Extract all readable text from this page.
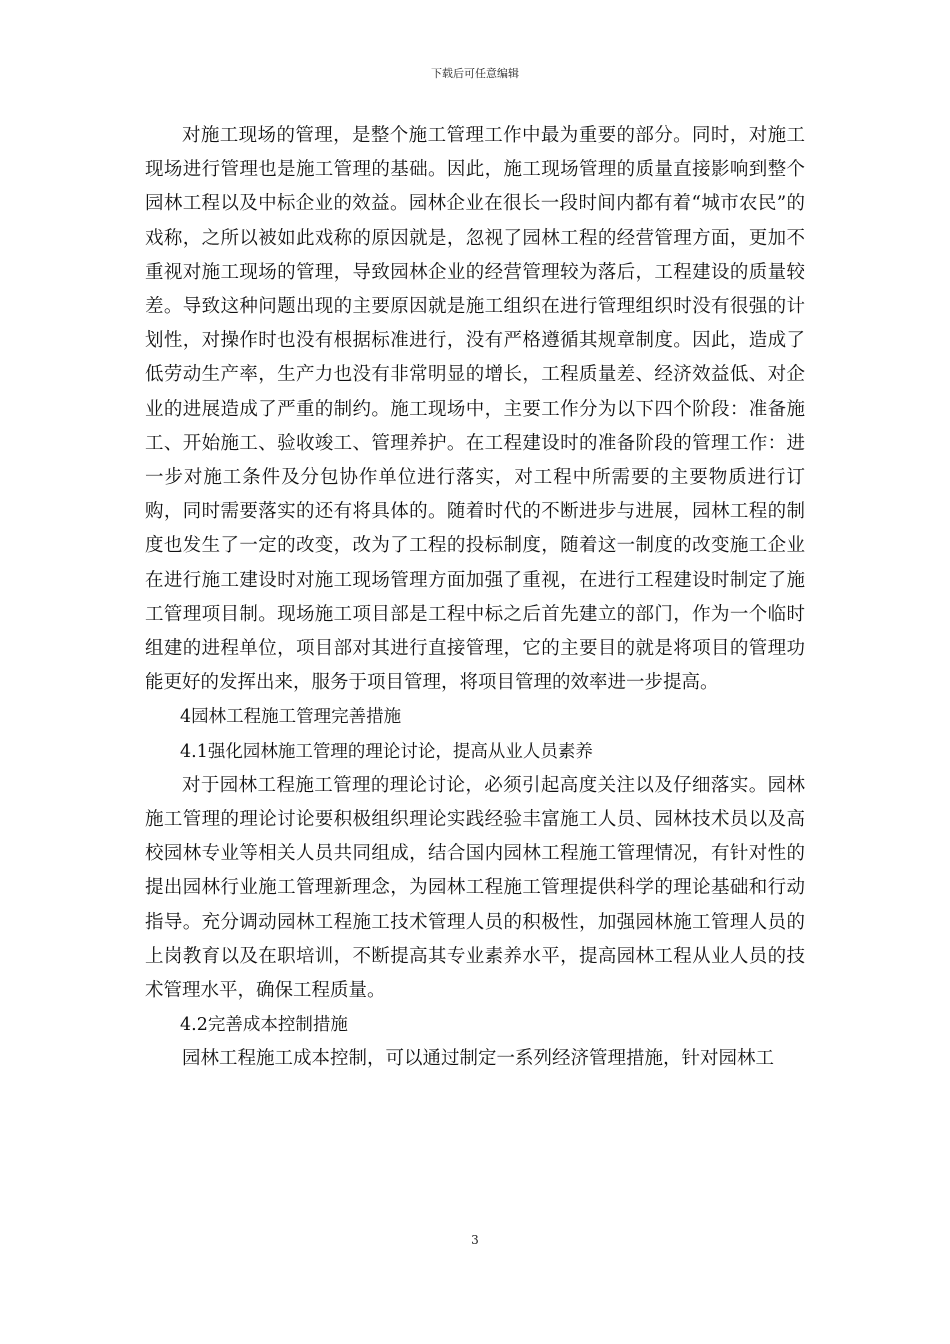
下载后可任意编辑

对施工现场的管理，是整个施工管理工作中最为重要的部分。同时，对施工现场进行管理也是施工管理的基础。因此，施工现场管理的质量直接影响到整个园林工程以及中标企业的效益。园林企业在很长一段时间内都有着“城市农民”的戏称，之所以被如此戏称的原因就是，忽视了园林工程的经营管理方面，更加不重视对施工现场的管理，导致园林企业的经营管理较为落后，工程建设的质量较差。导致这种问题出现的主要原因就是施工组织在进行管理组织时没有很强的计划性，对操作时也没有根据标准进行，没有严格遵循其规章制度。因此，造成了低劳动生产率，生产力也没有非常明显的增长，工程质量差、经济效益低、对企业的进展造成了严重的制约。施工现场中，主要工作分为以下四个阶段：准备施工、开始施工、验收竣工、管理养护。在工程建设时的准备阶段的管理工作：进一步对施工条件及分包协作单位进行落实，对工程中所需要的主要物质进行订购，同时需要落实的还有将具体的。随着时代的不断进步与进展，园林工程的制度也发生了一定的改变，改为了工程的投标制度，随着这一制度的改变施工企业在进行施工建设时对施工现场管理方面加强了重视，在进行工程建设时制定了施工管理项目制。现场施工项目部是工程中标之后首先建立的部门，作为一个临时组建的进程单位，项目部对其进行直接管理，它的主要目的就是将项目的管理功能更好的发挥出来，服务于项目管理，将项目管理的效率进一步提高。

4园林工程施工管理完善措施

4.1强化园林施工管理的理论讨论，提高从业人员素养

对于园林工程施工管理的理论讨论，必须引起高度关注以及仔细落实。园林施工管理的理论讨论要积极组织理论实践经验丰富施工人员、园林技术员以及高校园林专业等相关人员共同组成，结合国内园林工程施工管理情况，有针对性的提出园林行业施工管理新理念，为园林工程施工管理提供科学的理论基础和行动指导。充分调动园林工程施工技术管理人员的积极性，加强园林施工管理人员的上岗教育以及在职培训，不断提高其专业素养水平，提高园林工程从业人员的技术管理水平，确保工程质量。

4.2完善成本控制措施

园林工程施工成本控制，可以通过制定一系列经济管理措施，针对园林工

3
